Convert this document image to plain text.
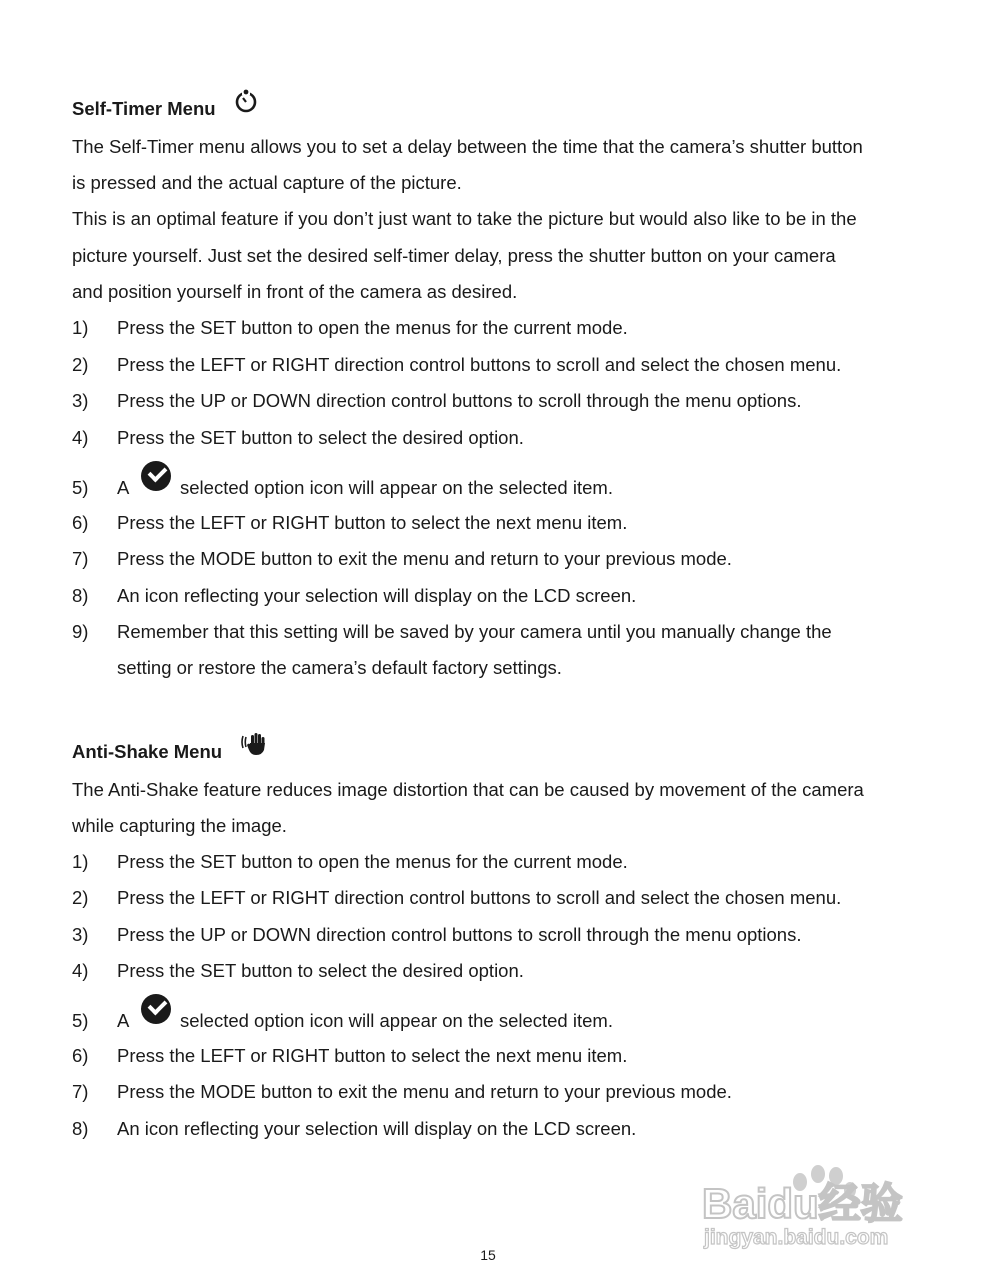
Self-Timer Menu
The Self-Timer menu allows you to set a delay between the time that the camera’s shutter button
is pressed and the actual capture of the picture.
This is an optimal feature if you don’t just want to take the picture but would also like to be in the
picture yourself. Just set the desired self-timer delay, press the shutter button on your camera
and position yourself in front of the camera as desired.
1) Press the SET button to open the menus for the current mode.
2) Press the LEFT or RIGHT direction control buttons to scroll and select the chosen menu.
3) Press the UP or DOWN direction control buttons to scroll through the menu options.
4) Press the SET button to select the desired option.
5) A	selected option icon will appear on the selected item.
6) Press the LEFT or RIGHT button to select the next menu item.
7) Press the MODE button to exit the menu and return to your previous mode.
8) An icon reflecting your selection will display on the LCD screen.
9) Remember that this setting will be saved by your camera until you manually change the
setting or restore the camera’s default factory settings.
Anti-Shake Menu
The Anti-Shake feature reduces image distortion that can be caused by movement of the camera
while capturing the image.
1) Press the SET button to open the menus for the current mode.
2) Press the LEFT or RIGHT direction control buttons to scroll and select the chosen menu.
3) Press the UP or DOWN direction control buttons to scroll through the menu options.
4) Press the SET button to select the desired option.
5) A	selected option icon will appear on the selected item.
6) Press the LEFT or RIGHT button to select the next menu item.
7) Press the MODE button to exit the menu and return to your previous mode.
8) An icon reflecting your selection will display on the LCD screen.
Baidu经验
jingyan.baidu.com
15
